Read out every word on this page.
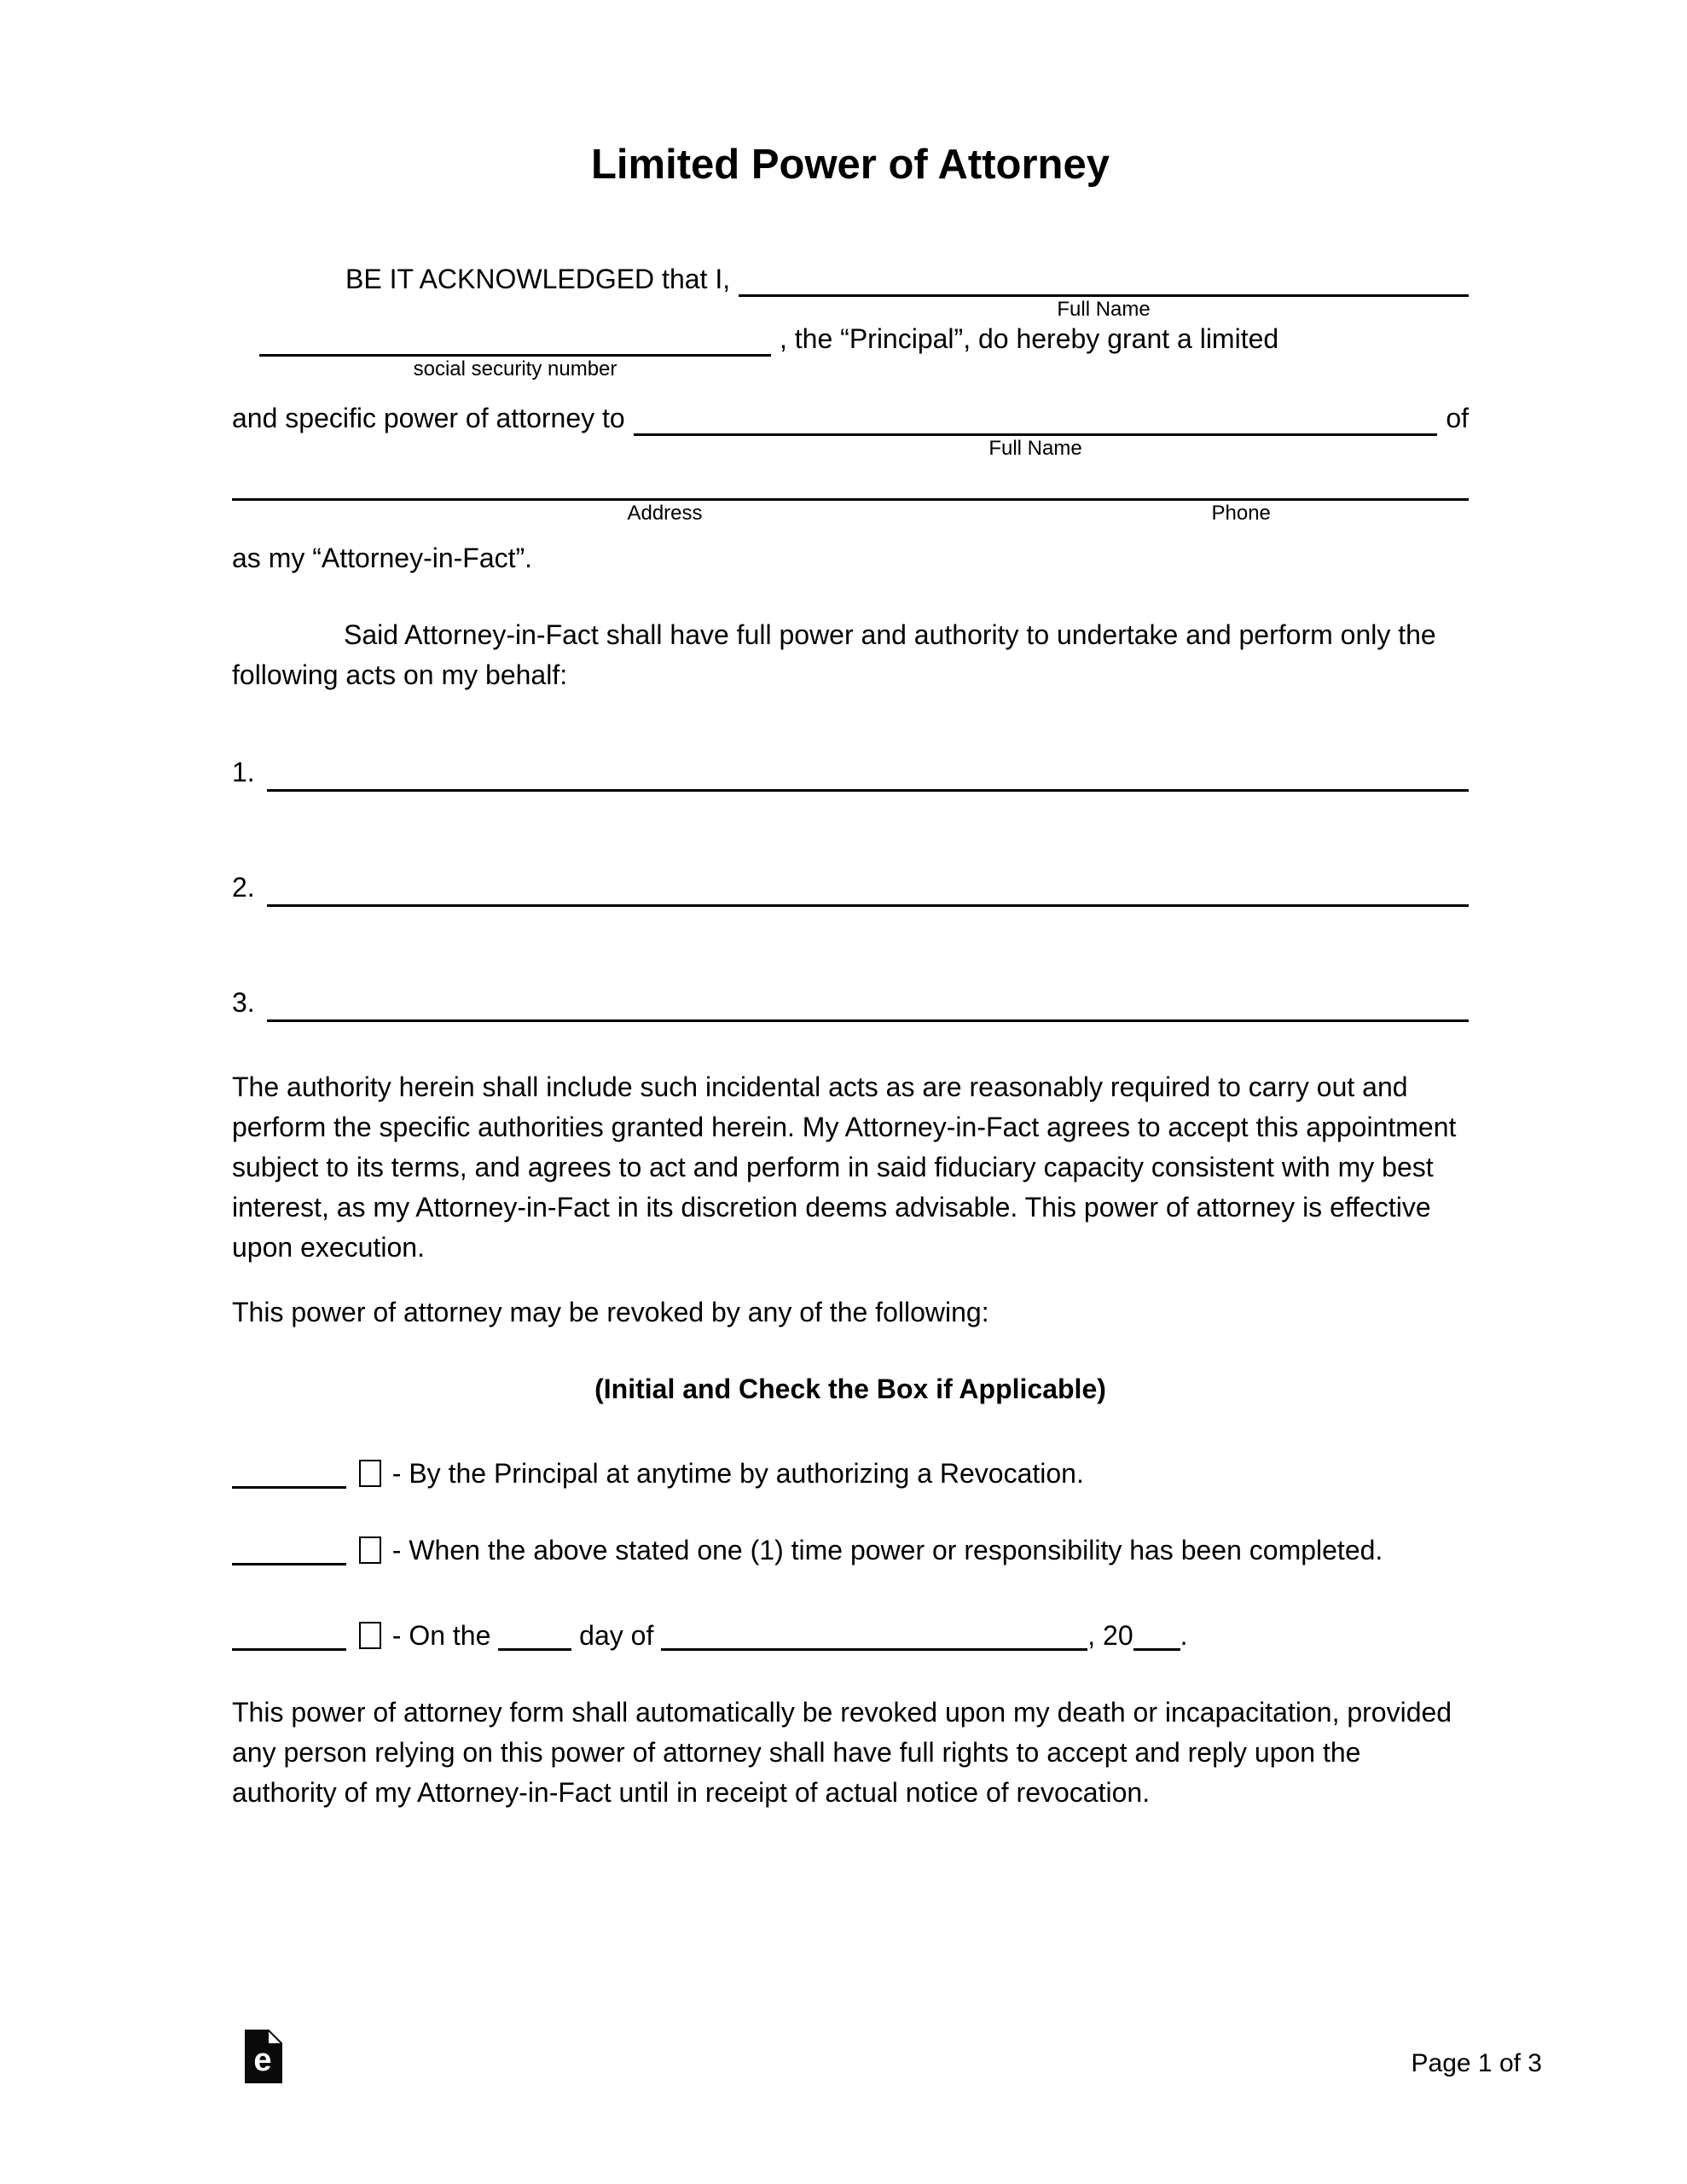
Limited Power of Attorney
BE IT ACKNOWLEDGED that I,
Full Name
social security number
, the “Principal”, do hereby grant a limited
and specific power of attorney to
Full Name
of
Address	Phone
as my “Attorney-in-Fact”.

Said Attorney-in-Fact shall have full power and authority to undertake and perform only the following acts on my behalf:

1.
2.
3.

The authority herein shall include such incidental acts as are reasonably required to carry out and perform the specific authorities granted herein. My Attorney-in-Fact agrees to accept this appointment subject to its terms, and agrees to act and perform in said fiduciary capacity consistent with my best interest, as my Attorney-in-Fact in its discretion deems advisable. This power of attorney is effective upon execution.

This power of attorney may be revoked by any of the following:

(Initial and Check the Box if Applicable)

- By the Principal at anytime by authorizing a Revocation.

- When the above stated one (1) time power or responsibility has been completed.

- On the	day of	, 20 .

This power of attorney form shall automatically be revoked upon my death or incapacitation, provided any person relying on this power of attorney shall have full rights to accept and reply upon the authority of my Attorney-in-Fact until in receipt of actual notice of revocation.

e	Page 1 of 3
